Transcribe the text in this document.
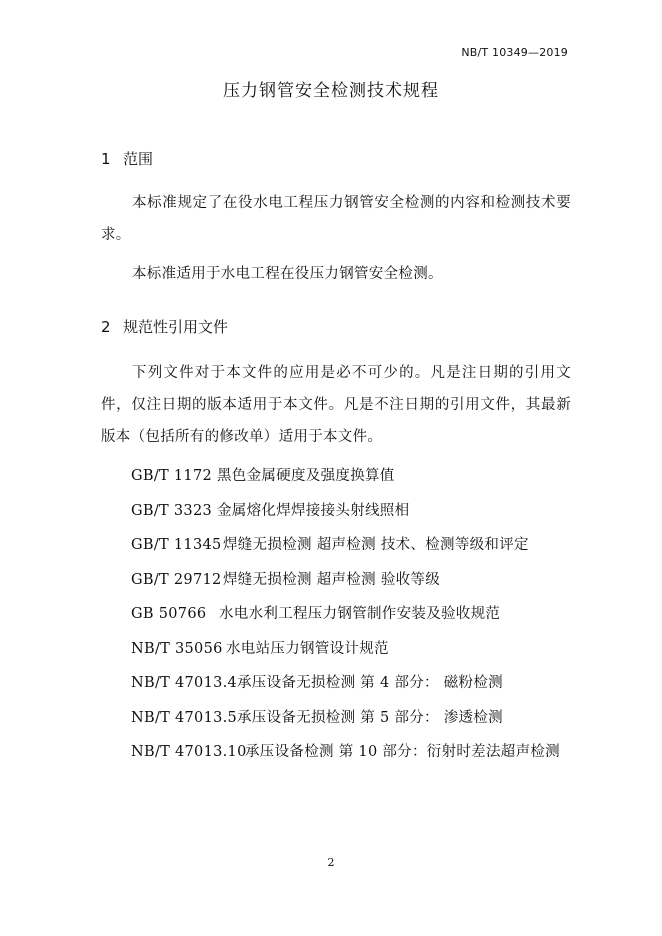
NB/T 10349—2019
压力钢管安全检测技术规程
1 范围
本标准规定了在役水电工程压力钢管安全检测的内容和检测技术要求。
本标准适用于水电工程在役压力钢管安全检测。
2 规范性引用文件
下列文件对于本文件的应用是必不可少的。凡是注日期的引用文件，仅注日期的版本适用于本文件。凡是不注日期的引用文件，其最新版本（包括所有的修改单）适用于本文件。
GB/T 1172 黑色金属硬度及强度换算值
GB/T 3323 金属熔化焊焊接接头射线照相
GB/T 11345焊缝无损检测 超声检测 技术、检测等级和评定
GB/T 29712焊缝无损检测 超声检测 验收等级
GB 50766 水电水利工程压力钢管制作安装及验收规范
NB/T 35056 水电站压力钢管设计规范
NB/T 47013.4承压设备无损检测 第 4 部分： 磁粉检测
NB/T 47013.5承压设备无损检测 第 5 部分： 渗透检测
NB/T 47013.10承压设备检测 第 10 部分：衍射时差法超声检测
2
